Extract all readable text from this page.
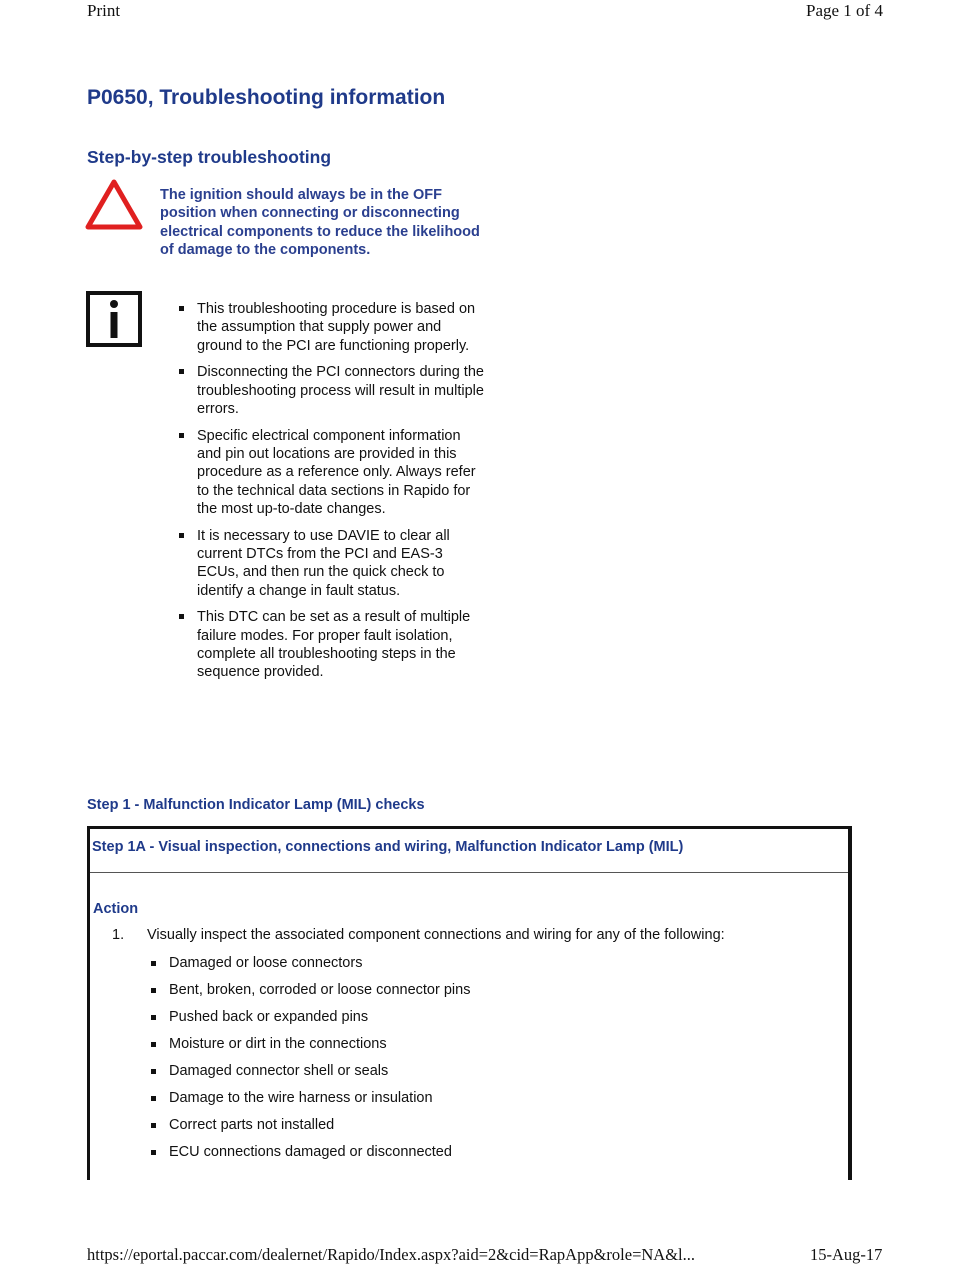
Print	Page 1 of 4
P0650, Troubleshooting information
Step-by-step troubleshooting
The ignition should always be in the OFF position when connecting or disconnecting electrical components to reduce the likelihood of damage to the components.
This troubleshooting procedure is based on the assumption that supply power and ground to the PCI are functioning properly.
Disconnecting the PCI connectors during the troubleshooting process will result in multiple errors.
Specific electrical component information and pin out locations are provided in this procedure as a reference only. Always refer to the technical data sections in Rapido for the most up-to-date changes.
It is necessary to use DAVIE to clear all current DTCs from the PCI and EAS-3 ECUs, and then run the quick check to identify a change in fault status.
This DTC can be set as a result of multiple failure modes. For proper fault isolation, complete all troubleshooting steps in the sequence provided.
Step 1 - Malfunction Indicator Lamp (MIL) checks
Step 1A - Visual inspection, connections and wiring, Malfunction Indicator Lamp (MIL)
Action
1. Visually inspect the associated component connections and wiring for any of the following:
Damaged or loose connectors
Bent, broken, corroded or loose connector pins
Pushed back or expanded pins
Moisture or dirt in the connections
Damaged connector shell or seals
Damage to the wire harness or insulation
Correct parts not installed
ECU connections damaged or disconnected
https://eportal.paccar.com/dealernet/Rapido/Index.aspx?aid=2&cid=RapApp&role=NA&l...	15-Aug-17
